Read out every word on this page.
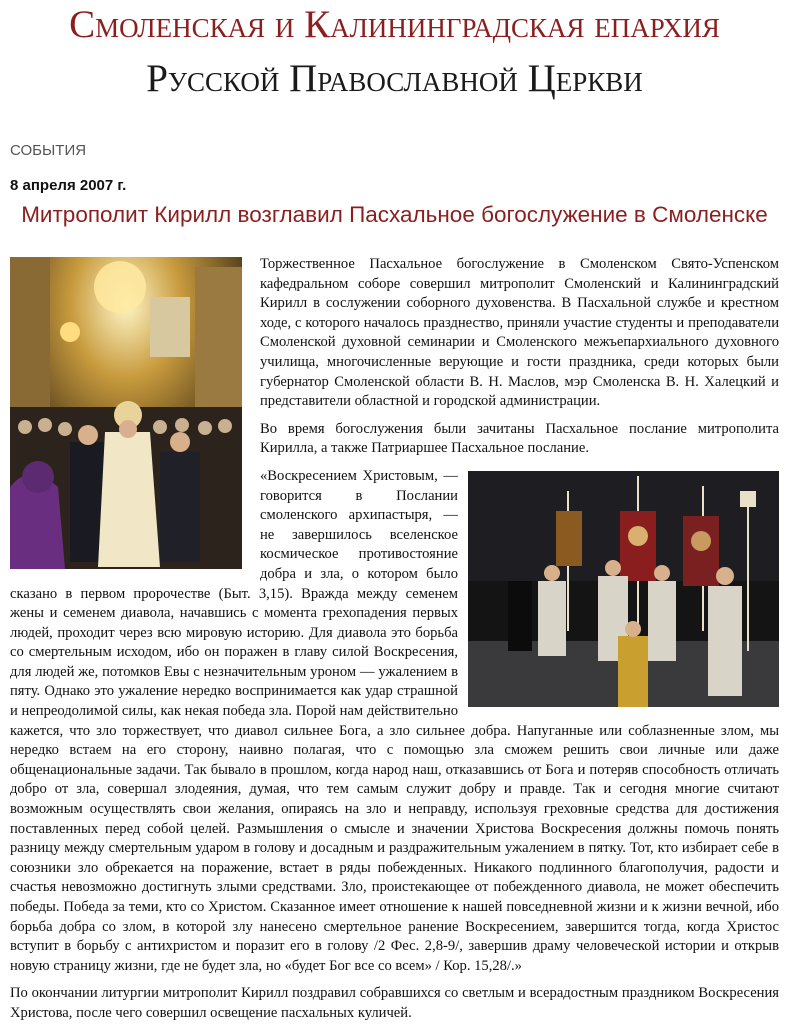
Смоленская и Калининградская епархия
Русской Православной Церкви
СОБЫТИЯ
8 апреля 2007 г.
Митрополит Кирилл возглавил Пасхальное богослужение в Смоленске

Торжественное Пасхальное богослужение в Смоленском Свято-Успенском кафедральном соборе совершил митрополит Смоленский и Калининградский Кирилл в сослужении соборного духовенства. В Пасхальной службе и крестном ходе, с которого началось празднество, приняли участие студенты и преподаватели Смоленской духовной семинарии и Смоленского межъепархиального духовного училища, многочисленные верующие и гости праздника, среди которых были губернатор Смоленской области В. Н. Маслов, мэр Смоленска В. Н. Халецкий и представители областной и городской администрации.

Во время богослужения были зачитаны Пасхальное послание митрополита Кирилла, а также Патриаршее Пасхальное послание.

«Воскресением Христовым, — говорится в Послании смоленского архипастыря, — не завершилось вселенское космическое противостояние добра и зла, о котором было сказано в первом пророчестве (Быт. 3,15). Вражда между семенем жены и семенем диавола, начавшись с момента грехопадения первых людей, проходит через всю мировую историю. Для диавола это борьба со смертельным исходом, ибо он поражен в главу силой Воскресения, для людей же, потомков Евы с незначительным уроном — ужалением в пяту. Однако это ужаление нередко воспринимается как удар страшной и непреодолимой силы, как некая победа зла. Порой нам действительно кажется, что зло торжествует, что диавол сильнее Бога, а зло сильнее добра. Напуганные или соблазненные злом, мы нередко встаем на его сторону, наивно полагая, что с помощью зла сможем решить свои личные или даже общенациональные задачи. Так бывало в прошлом, когда народ наш, отказавшись от Бога и потеряв способность отличать добро от зла, совершал злодеяния, думая, что тем самым служит добру и правде. Так и сегодня многие считают возможным осуществлять свои желания, опираясь на зло и неправду, используя греховные средства для достижения поставленных перед собой целей. Размышления о смысле и значении Христова Воскресения должны помочь понять разницу между смертельным ударом в голову и досадным и раздражительным ужалением в пятку. Тот, кто избирает себе в союзники зло обрекается на поражение, встает в ряды побежденных. Никакого подлинного благополучия, радости и счастья невозможно достигнуть злыми средствами. Зло, проистекающее от побежденного диавола, не может обеспечить победы. Победа за теми, кто со Христом. Сказанное имеет отношение к нашей повседневной жизни и к жизни вечной, ибо борьба добра со злом, в которой злу нанесено смертельное ранение Воскресением, завершится тогда, когда Христос вступит в борьбу с антихристом и поразит его в голову /2 Фес. 2,8-9/, завершив драму человеческой истории и открыв новую страницу жизни, где не будет зла, но «будет Бог все со всем» / Кор. 15,28/.»

По окончании литургии митрополит Кирилл поздравил собравшихся со светлым и всерадостным праздником Воскресения Христова, после чего совершил освещение пасхальных куличей.
